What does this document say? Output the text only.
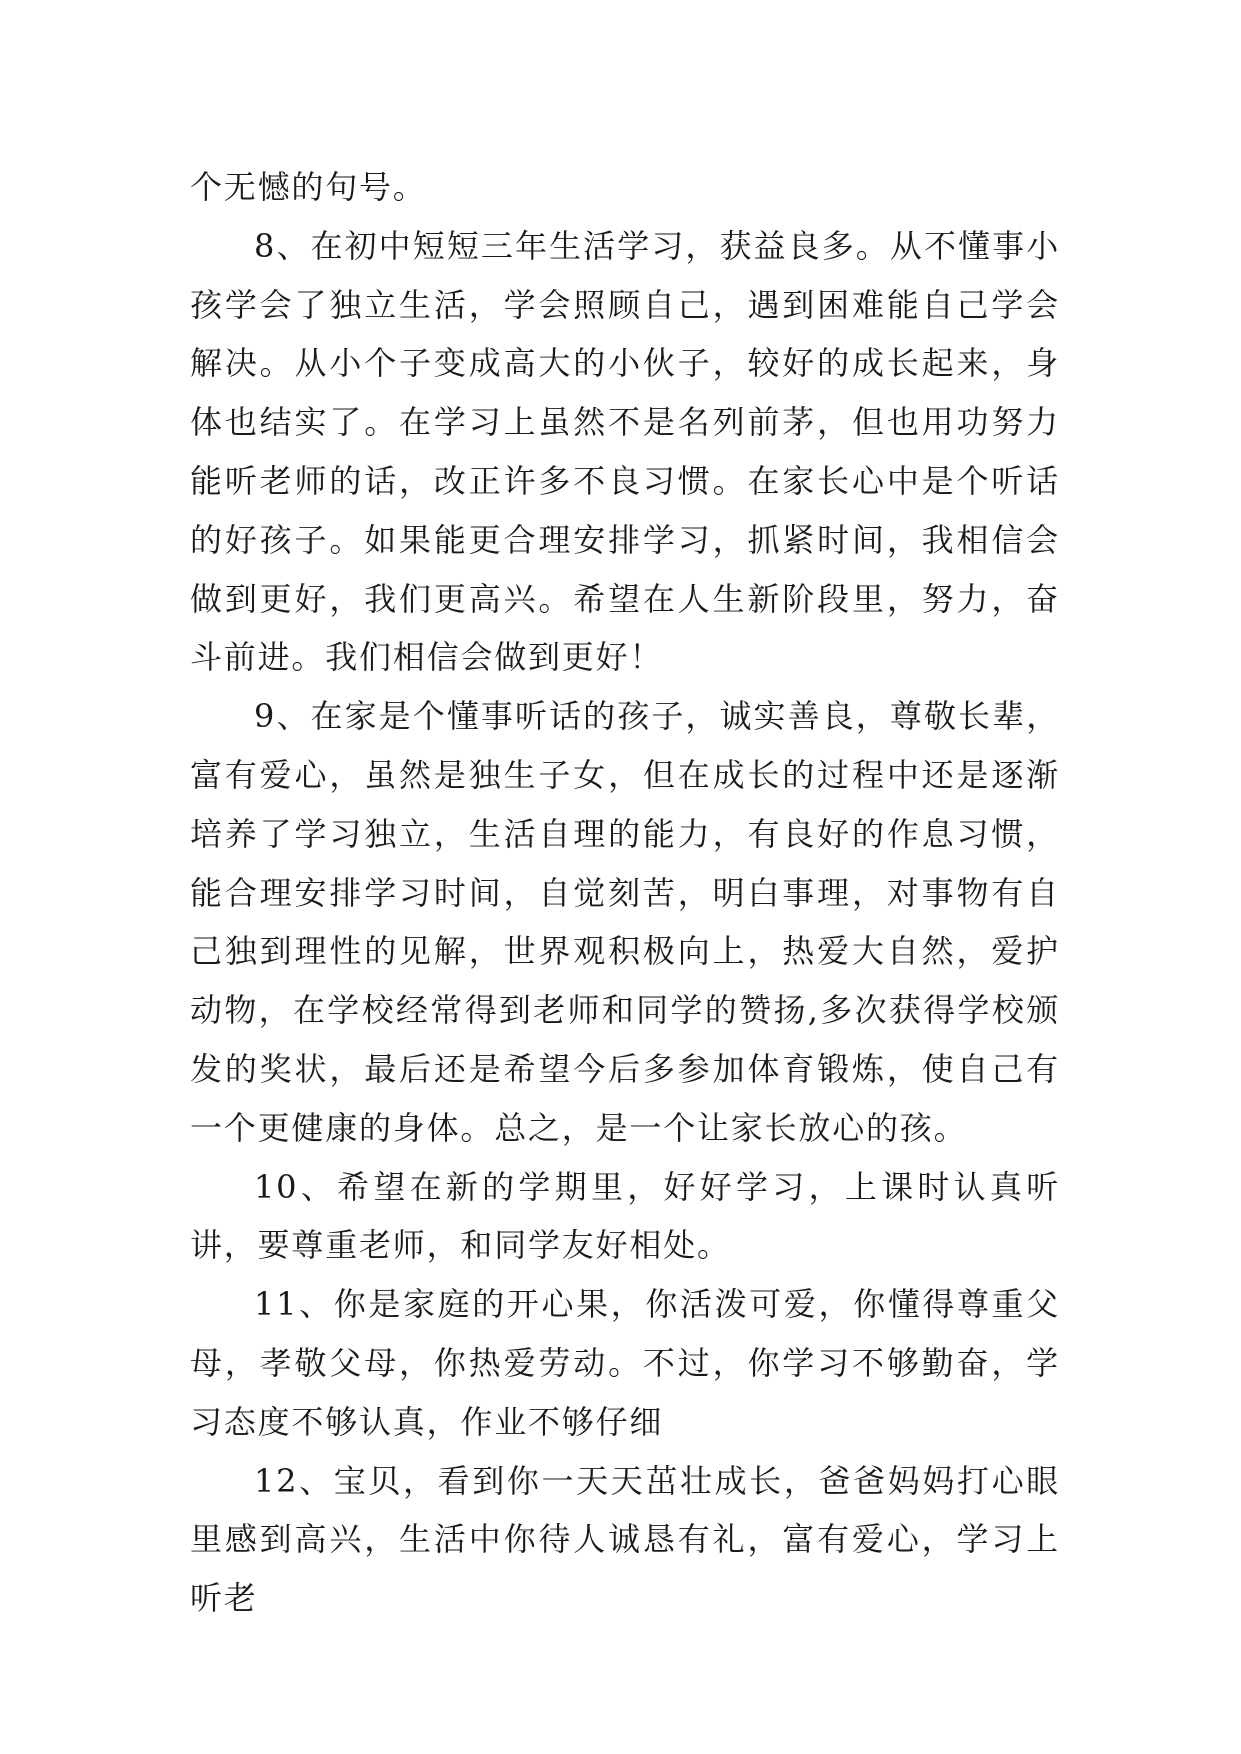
个无憾的句号。

8、在初中短短三年生活学习，获益良多。从不懂事小孩学会了独立生活，学会照顾自己，遇到困难能自己学会解决。从小个子变成高大的小伙子，较好的成长起来，身体也结实了。在学习上虽然不是名列前茅，但也用功努力能听老师的话，改正许多不良习惯。在家长心中是个听话的好孩子。如果能更合理安排学习，抓紧时间，我相信会做到更好，我们更高兴。希望在人生新阶段里，努力，奋斗前进。我们相信会做到更好！

9、在家是个懂事听话的孩子，诚实善良，尊敬长辈，富有爱心，虽然是独生子女，但在成长的过程中还是逐渐培养了学习独立，生活自理的能力，有良好的作息习惯，能合理安排学习时间，自觉刻苦，明白事理，对事物有自己独到理性的见解，世界观积极向上，热爱大自然，爱护动物，在学校经常得到老师和同学的赞扬,多次获得学校颁发的奖状，最后还是希望今后多参加体育锻炼，使自己有一个更健康的身体。总之，是一个让家长放心的孩。

10、希望在新的学期里，好好学习，上课时认真听讲，要尊重老师，和同学友好相处。

11、你是家庭的开心果，你活泼可爱，你懂得尊重父母，孝敬父母，你热爱劳动。不过，你学习不够勤奋，学习态度不够认真，作业不够仔细

12、宝贝，看到你一天天茁壮成长，爸爸妈妈打心眼里感到高兴，生活中你待人诚恳有礼，富有爱心，学习上听老
